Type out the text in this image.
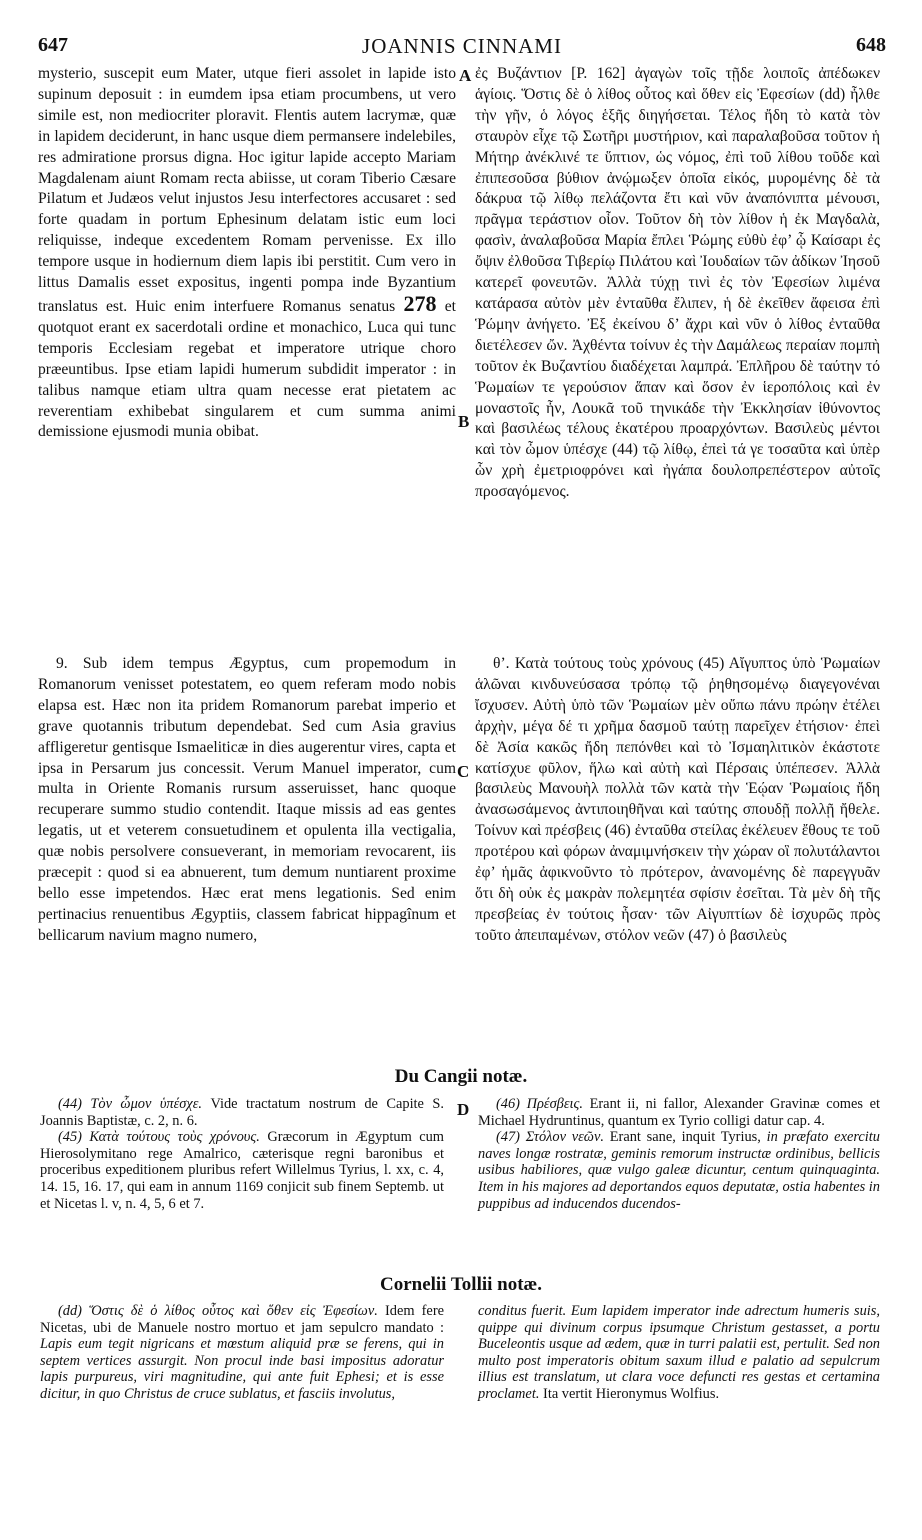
647	JOANNIS CINNAMI	648

mysterio, suscepit eum Mater, utque fieri assolet in lapide isto supinum deposuit : in eumdem ipsa etiam procumbens, ut vero simile est, non mediocriter ploravit. Flentis autem lacrymæ, quæ in lapidem deciderunt, in hanc usque diem permansere indelebiles, res admiratione prorsus digna. Hoc igitur lapide accepto Mariam Magdalenam aiunt Romam recta abiisse, ut coram Tiberio Cæsare Pilatum et Judæos velut injustos Jesu interfectores accusaret : sed forte quadam in portum Ephesinum delatam istic eum loci reliquisse, indeque excedentem Romam pervenisse. Ex illo tempore usque in hodiernum diem lapis ibi perstitit. Cum vero in littus Damalis esset expositus, ingenti pompa inde Byzantium translatus est. Huic enim interfuere Romanus senatus 278 et quotquot erant ex sacerdotali ordine et monachico, Luca qui tunc temporis Ecclesiam regebat et imperatore utrique choro præeuntibus. Ipse etiam lapidi humerum subdidit imperator : in talibus namque etiam ultra quam necesse erat pietatem ac reverentiam exhibebat singularem et cum summa animi demissione ejusmodi munia obibat.

ἐς Βυζάντιον [P. 162] ἀγαγὼν τοῖς τῇδε λοιποῖς ἀπέδωκεν ἁγίοις. Ὅστις δὲ ὁ λίθος οὗτος καὶ ὅθεν εἰς Ἐφεσίων (dd) ἦλθε τὴν γῆν, ὁ λόγος ἑξῆς διηγήσεται. Τέλος ἤδη τὸ κατὰ τὸν σταυρὸν εἶχε τῷ Σωτῆρι μυστήριον, καὶ παραλαβοῦσα τοῦτον ἡ Μήτηρ ἀνέκλινέ τε ὕπτιον, ὡς νόμος, ἐπὶ τοῦ λίθου τοῦδε καὶ ἐπιπεσοῦσα βύθιον ἀνῴμωξεν ὁποῖα εἰκός, μυρομένης δὲ τὰ δάκρυα τῷ λίθῳ πελάζοντα ἔτι καὶ νῦν ἀναπόνιπτα μένουσι, πρᾶγμα τεράστιον οἷον. Τοῦτον δὴ τὸν λίθον ἡ ἐκ Μαγδαλὰ, φασὶν, ἀναλαβοῦσα Μαρία ἔπλει Ῥώμης εὐθὺ ἐφ’ ᾧ Καίσαρι ἐς ὄψιν ἐλθοῦσα Τιβερίῳ Πιλάτου καὶ Ἰουδαίων τῶν ἀδίκων Ἰησοῦ κατερεῖ φονευτῶν. Ἀλλὰ τύχῃ τινὶ ἐς τὸν Ἐφεσίων λιμένα κατάρασα αὐτὸν μὲν ἐνταῦθα ἔλιπεν, ἡ δὲ ἐκεῖθεν ἄφεισα ἐπὶ Ῥώμην ἀνήγετο. Ἐξ ἐκείνου δ’ ἄχρι καὶ νῦν ὁ λίθος ἐνταῦθα διετέλεσεν ὤν. Ἀχθέντα τοίνυν ἐς τὴν Δαμάλεως περαίαν πομπὴ τοῦτον ἐκ Βυζαντίου διαδέχεται λαμπρά. Ἐπλῆρου δὲ ταύτην τό Ῥωμαίων τε γερούσιον ἅπαν καὶ ὅσον ἐν ἱεροπόλοις καὶ ἐν μοναστοῖς ἦν, Λουκᾶ τοῦ τηνικάδε τὴν Ἐκκλησίαν ἰθύνοντος καὶ βασιλέως τέλους ἑκατέρου προαρχόντων. Βασιλεὺς μέντοι καὶ τὸν ὦμον ὑπέσχε (44) τῷ λίθῳ, ἐπεὶ τά γε τοσαῦτα καὶ ὑπὲρ ὧν χρὴ ἐμετριοφρόνει καὶ ἠγάπα δουλοπρεπέστερον αὐτοῖς προσαγόμενος.

A
B
C
D

9. Sub idem tempus Ægyptus, cum propemodum in Romanorum venisset potestatem, eo quem referam modo nobis elapsa est. Hæc non ita pridem Romanorum parebat imperio et grave quotannis tributum dependebat. Sed cum Asia gravius affligeretur gentisque Ismaeliticæ in dies augerentur vires, capta et ipsa in Persarum jus concessit. Verum Manuel imperator, cum multa in Oriente Romanis rursum asseruisset, hanc quoque recuperare summo studio contendit. Itaque missis ad eas gentes legatis, ut et veterem consuetudinem et opulenta illa vectigalia, quæ nobis persolvere consueverant, in memoriam revocarent, iis præcepit : quod si ea abnuerent, tum demum nuntiarent proxime bello esse impetendos. Hæc erat mens legationis. Sed enim pertinacius renuentibus Ægyptiis, classem fabricat hippagînum et bellicarum navium magno numero,

θ’. Κατὰ τούτους τοὺς χρόνους (45) Αἴγυπτος ὑπὸ Ῥωμαίων ἁλῶναι κινδυνεύσασα τρόπῳ τῷ ῥηθησομένῳ διαγεγονέναι ἴσχυσεν. Αὐτὴ ὑπὸ τῶν Ῥωμαίων μὲν οὔπω πάνυ πρώην ἐτέλει ἀρχὴν, μέγα δέ τι χρῆμα δασμοῦ ταύτῃ παρεῖχεν ἐτήσιον· ἐπεὶ δὲ Ἀσία κακῶς ἤδη πεπόνθει καὶ τὸ Ἰσμαηλιτικὸν ἑκάστοτε κατίσχυε φῦλον, ἥλω καὶ αὐτὴ καὶ Πέρσαις ὑπέπεσεν. Ἀλλὰ βασιλεὺς Μανουὴλ πολλὰ τῶν κατὰ τὴν Ἑῴαν Ῥωμαίοις ἤδη ἀνασωσάμενος ἀντιποιηθῆναι καὶ ταύτης σπουδῇ πολλῇ ἤθελε. Τοίνυν καὶ πρέσβεις (46) ἐνταῦθα στείλας ἐκέλευεν ἔθους τε τοῦ προτέρου καὶ φόρων ἀναμιμνήσκειν τὴν χώραν οἳ πολυτάλαντοι ἐφ’ ἡμᾶς ἀφικνοῦντο τὸ πρότερον, ἀνανομένης δὲ παρεγγυᾶν ὅτι δὴ οὐκ ἐς μακρὰν πολεμητέα σφίσιν ἐσεῖται. Τὰ μὲν δὴ τῆς πρεσβείας ἐν τούτοις ἦσαν· τῶν Αἰγυπτίων δὲ ἰσχυρῶς πρὸς τοῦτο ἀπειπαμένων, στόλον νεῶν (47) ὁ βασιλεὺς

Du Cangii notæ.

(44) Τὸν ὦμον ὑπέσχε. Vide tractatum nostrum de Capite S. Joannis Baptistæ, c. 2, n. 6.

(45) Κατὰ τούτους τοὺς χρόνους. Græcorum in Ægyptum cum Hierosolymitano rege Amalrico, cæterisque regni baronibus et proceribus expeditionem pluribus refert Willelmus Tyrius, l. xx, c. 4, 14. 15, 16. 17, qui eam in annum 1169 conjicit sub finem Septemb. ut et Nicetas l. v, n. 4, 5, 6 et 7.

(46) Πρέσβεις. Erant ii, ni fallor, Alexander Gravinæ comes et Michael Hydruntinus, quantum ex Tyrio colligi datur cap. 4.

(47) Στόλον νεῶν. Erant sane, inquit Tyrius, in præfato exercitu naves longæ rostratæ, geminis remorum instructæ ordinibus, bellicis usibus habiliores, quæ vulgo galeæ dicuntur, centum quinquaginta. Item in his majores ad deportandos equos deputatæ, ostia habentes in puppibus ad inducendos ducendos-

Cornelii Tollii notæ.

(dd) Ὅστις δὲ ὁ λίθος οὗτος καὶ ὅθεν εἰς Ἐφεσίων. Idem fere Nicetas, ubi de Manuele nostro mortuo et jam sepulcro mandato : Lapis eum tegit nigricans et mœstum aliquid præ se ferens, qui in septem vertices assurgit. Non procul inde basi impositus adoratur lapis purpureus, viri magnitudine, qui ante fuit Ephesi; et is esse dicitur, in quo Christus de cruce sublatus, et fasciis involutus,

conditus fuerit. Eum lapidem imperator inde adrectum humeris suis, quippe qui divinum corpus ipsumque Christum gestasset, a portu Buceleontis usque ad ædem, quæ in turri palatii est, pertulit. Sed non multo post imperatoris obitum saxum illud e palatio ad sepulcrum illius est translatum, ut clara voce defuncti res gestas et certamina proclamet. Ita vertit Hieronymus Wolfius.
